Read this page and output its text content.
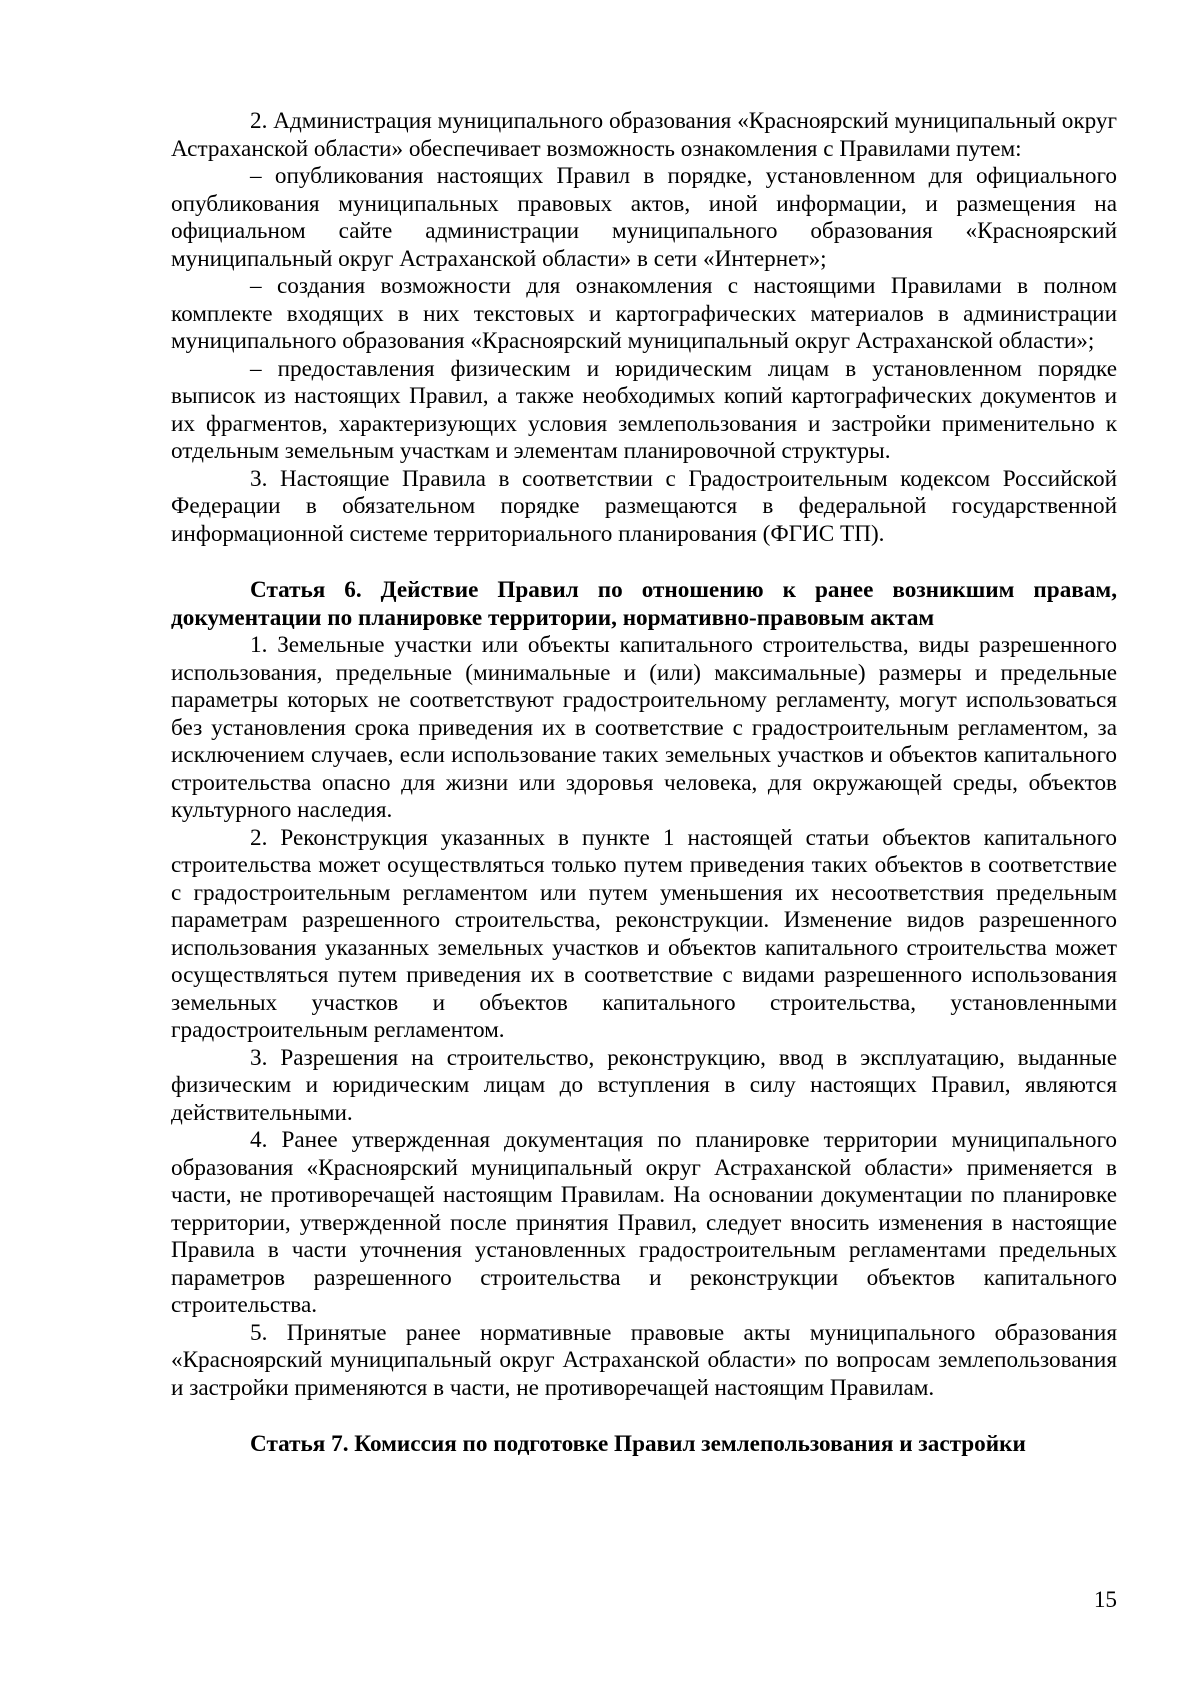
2. Администрация муниципального образования «Красноярский муниципальный округ Астраханской области» обеспечивает возможность ознакомления с Правилами путем:

– опубликования настоящих Правил в порядке, установленном для официального опубликования муниципальных правовых актов, иной информации, и размещения на официальном сайте администрации муниципального образования «Красноярский муниципальный округ Астраханской области» в сети «Интернет»;

– создания возможности для ознакомления с настоящими Правилами в полном комплекте входящих в них текстовых и картографических материалов в администрации муниципального образования «Красноярский муниципальный округ Астраханской области»;

– предоставления физическим и юридическим лицам в установленном порядке выписок из настоящих Правил, а также необходимых копий картографических документов и их фрагментов, характеризующих условия землепользования и застройки применительно к отдельным земельным участкам и элементам планировочной структуры.

3. Настоящие Правила в соответствии с Градостроительным кодексом Российской Федерации в обязательном порядке размещаются в федеральной государственной информационной системе территориального планирования (ФГИС ТП).

Статья 6. Действие Правил по отношению к ранее возникшим правам, документации по планировке территории, нормативно-правовым актам

1. Земельные участки или объекты капитального строительства, виды разрешенного использования, предельные (минимальные и (или) максимальные) размеры и предельные параметры которых не соответствуют градостроительному регламенту, могут использоваться без установления срока приведения их в соответствие с градостроительным регламентом, за исключением случаев, если использование таких земельных участков и объектов капитального строительства опасно для жизни или здоровья человека, для окружающей среды, объектов культурного наследия.

2. Реконструкция указанных в пункте 1 настоящей статьи объектов капитального строительства может осуществляться только путем приведения таких объектов в соответствие с градостроительным регламентом или путем уменьшения их несоответствия предельным параметрам разрешенного строительства, реконструкции. Изменение видов разрешенного использования указанных земельных участков и объектов капитального строительства может осуществляться путем приведения их в соответствие с видами разрешенного использования земельных участков и объектов капитального строительства, установленными градостроительным регламентом.

3. Разрешения на строительство, реконструкцию, ввод в эксплуатацию, выданные физическим и юридическим лицам до вступления в силу настоящих Правил, являются действительными.

4. Ранее утвержденная документация по планировке территории муниципального образования «Красноярский муниципальный округ Астраханской области» применяется в части, не противоречащей настоящим Правилам. На основании документации по планировке территории, утвержденной после принятия Правил, следует вносить изменения в настоящие Правила в части уточнения установленных градостроительным регламентами предельных параметров разрешенного строительства и реконструкции объектов капитального строительства.

5. Принятые ранее нормативные правовые акты муниципального образования «Красноярский муниципальный округ Астраханской области» по вопросам землепользования и застройки применяются в части, не противоречащей настоящим Правилам.

Статья 7. Комиссия по подготовке Правил землепользования и застройки

15
